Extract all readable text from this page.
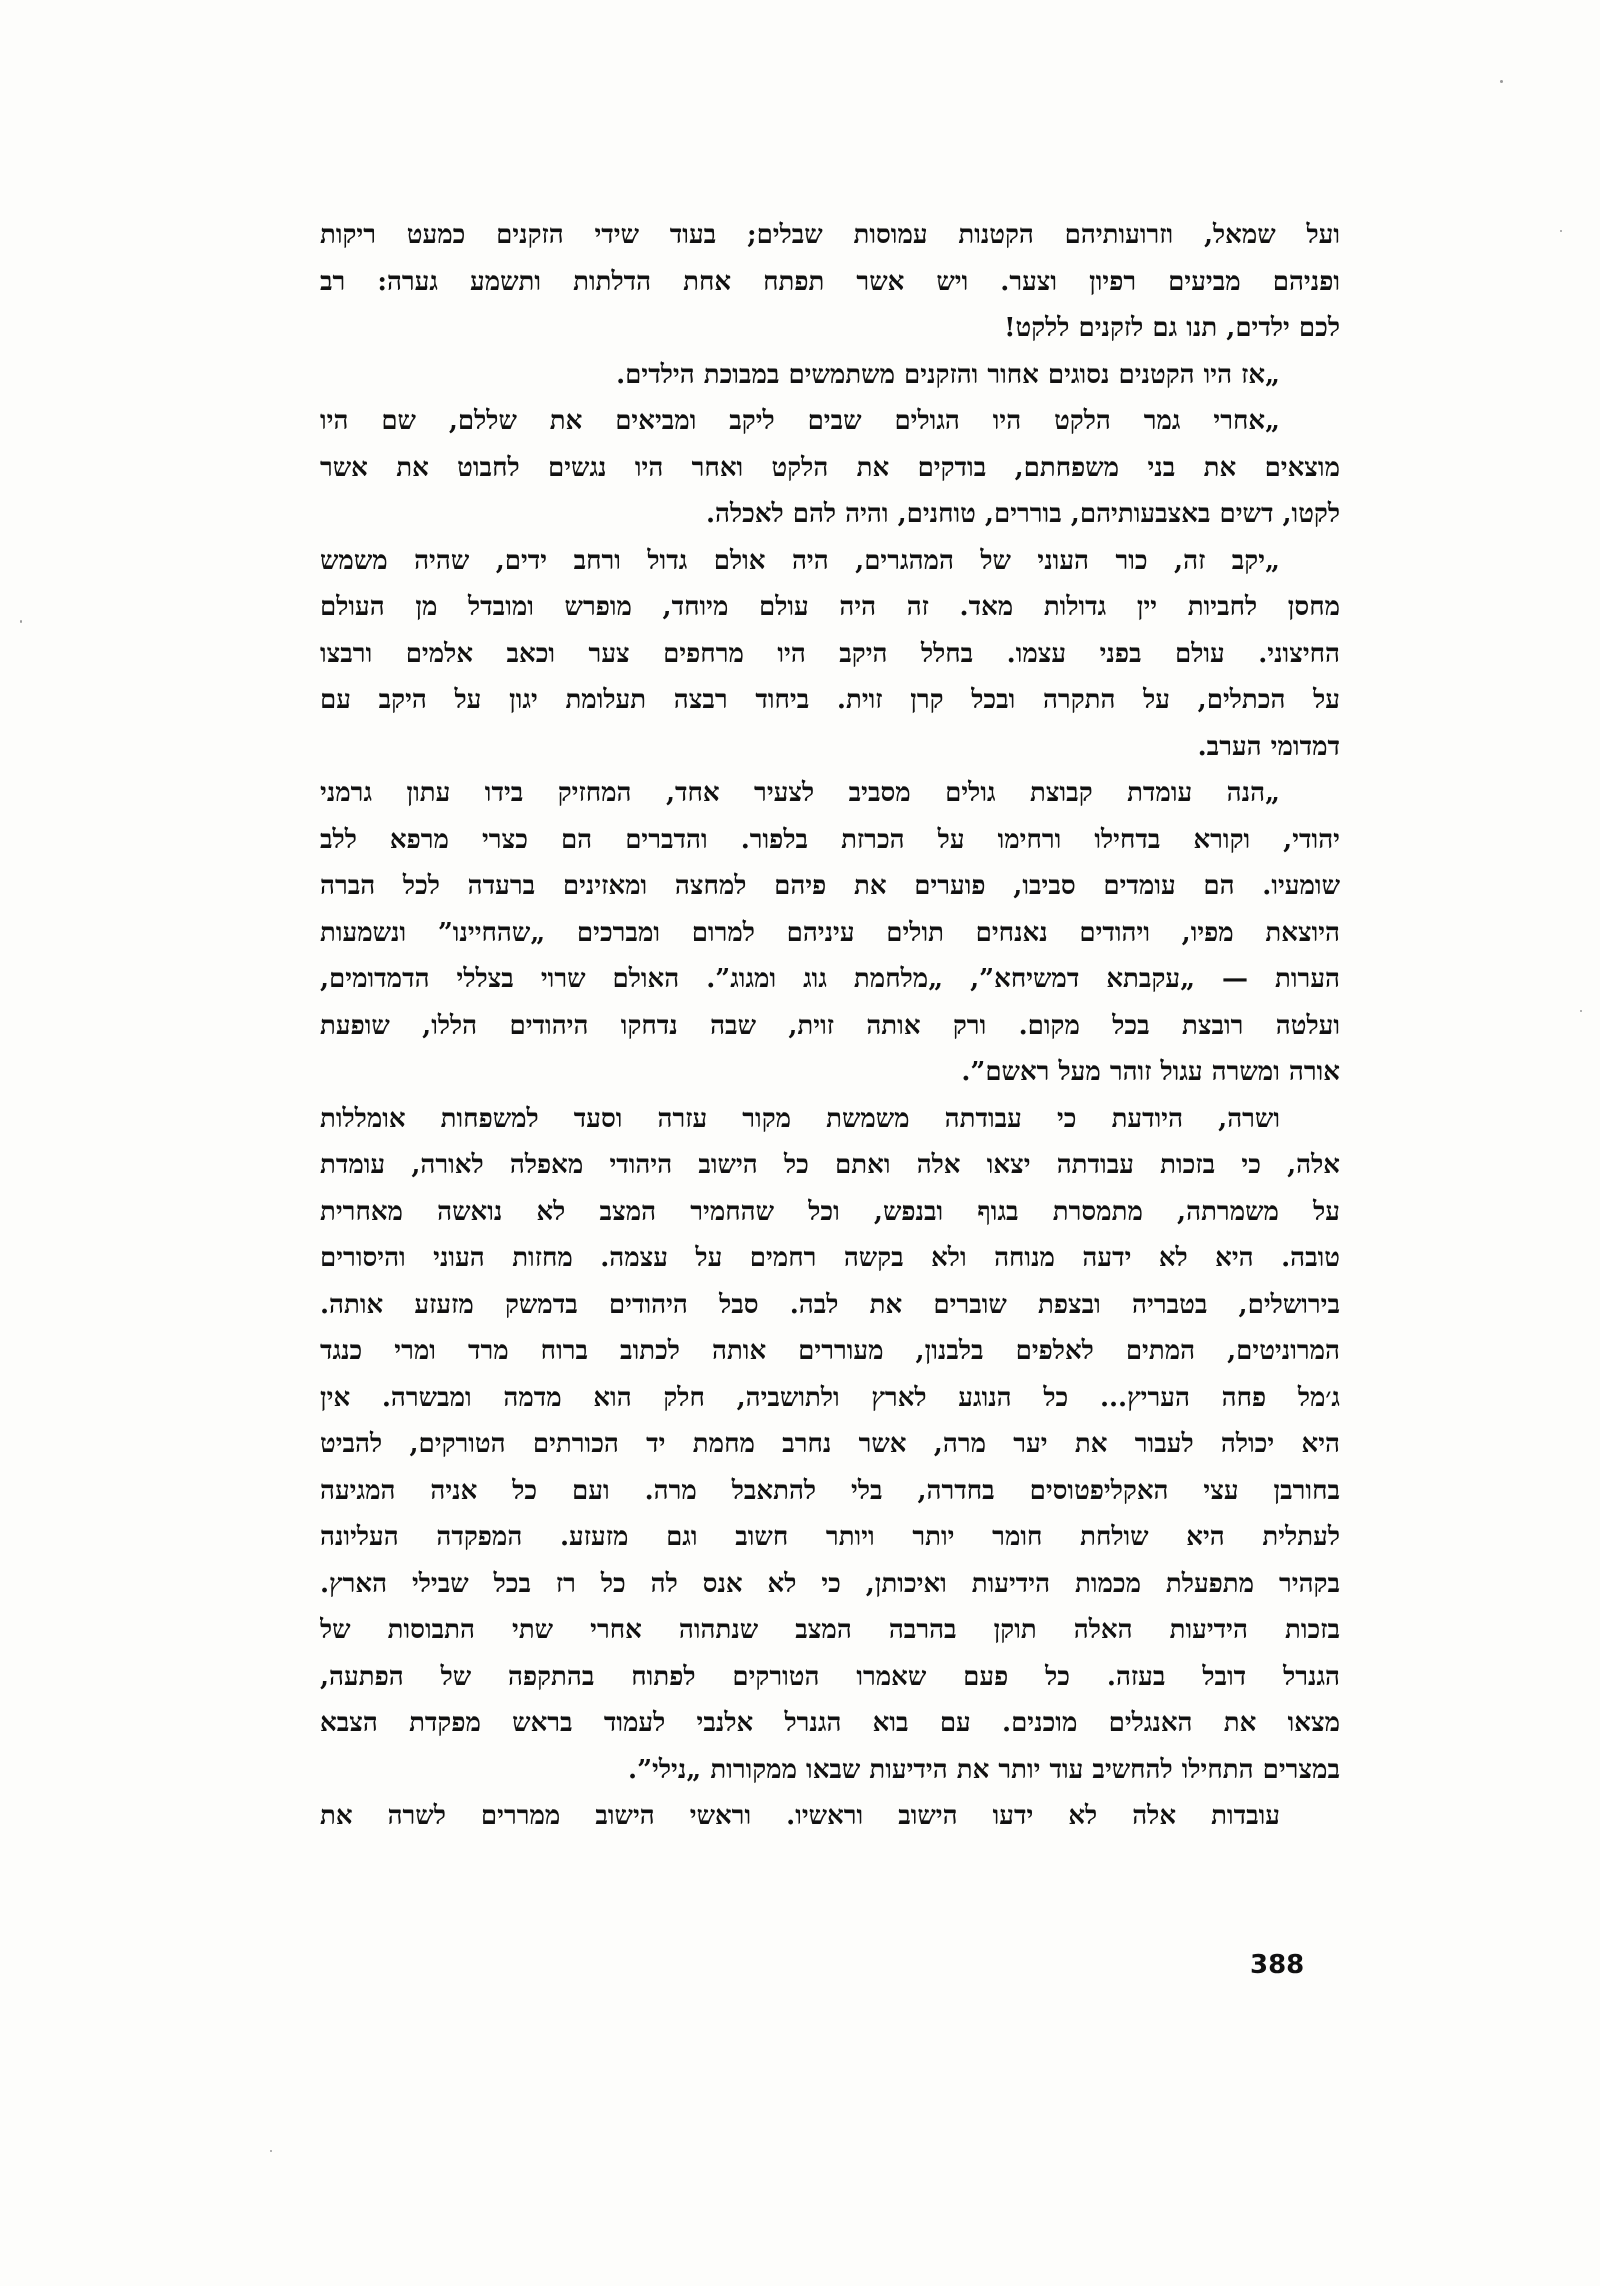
ועל שמאל, וזרועותיהם הקטנות עמוסות שבלים; בעוד שידי הזקנים כמעט ריקות
ופניהם מביעים רפיון וצער. ויש אשר תפתח אחת הדלתות ותשמע גערה: רב
לכם ילדים, תנו גם לזקנים ללקט!
„אז היו הקטנים נסוגים אחור והזקנים משתמשים במבוכת הילדים.
„אחרי גמר הלקט היו הגולים שבים ליקב ומביאים את שללם, שם היו
מוצאים את בני משפחתם, בודקים את הלקט ואחר היו נגשים לחבוט את אשר
לקטו, דשים באצבעותיהם, בוררים, טוחנים, והיה להם לאכלה.
„יקב זה, כור העוני של המהגרים, היה אולם גדול ורחב ידים, שהיה משמש
מחסן לחביות יין גדולות מאד. זה היה עולם מיוחד, מופרש ומובדל מן העולם
החיצוני. עולם בפני עצמו. בחלל היקב היו מרחפים צער וכאב אלמים ורבצו
על הכתלים, על התקרה ובכל קרן זוית. ביחוד רבצה תעלומת יגון על היקב עם
דמדומי הערב.
„הנה עומדת קבוצת גולים מסביב לצעיר אחד, המחזיק בידו עתון גרמני
יהודי, וקורא בדחילו ורחימו על הכרזת בלפור. והדברים הם כצרי מרפא ללב
שומעיו. הם עומדים סביבו, פוערים את פיהם למחצה ומאזינים ברעדה לכל הברה
היוצאת מפיו, ויהודים נאנחים תולים עיניהם למרום ומברכים „שהחיינו” ונשמעות
הערות — „עקבתא דמשיחא”, „מלחמת גוג ומגוג”. האולם שרוי בצללי הדמדומים,
ועלטה רובצת בכל מקום. ורק אותה זוית, שבה נדחקו היהודים הללו, שופעת
אורה ומשרה עגול זוהר מעל ראשם”.
ושרה, היודעת כי עבודתה משמשת מקור עזרה וסעד למשפחות אומללות
אלה, כי בזכות עבודתה יצאו אלה ואתם כל הישוב היהודי מאפלה לאורה, עומדת
על משמרתה, מתמסרת בגוף ובנפש, וכל שהחמיר המצב לא נואשה מאחרית
טובה. היא לא ידעה מנוחה ולא בקשה רחמים על עצמה. מחזות העוני והיסורים
בירושלים, בטבריה ובצפת שוברים את לבה. סבל היהודים בדמשק מזעזע אותה.
המרוניטים, המתים לאלפים בלבנון, מעוררים אותה לכתוב ברוח מרד ומרי כנגד
ג׳מל פחה העריץ... כל הנוגע לארץ ולתושביה, חלק הוא מדמה ומבשרה. אין
היא יכולה לעבור את יער מרה, אשר נחרב מחמת יד הכורתים הטורקים, להביט
בחורבן עצי האקליפטוסים בחדרה, בלי להתאבל מרה. ועם כל אניה המגיעה
לעתלית היא שולחת חומר יותר ויותר חשוב וגם מזעזע. המפקדה העליונה
בקהיר מתפעלת מכמות הידיעות ואיכותן, כי לא אנס לה כל רז בכל שבילי הארץ.
בזכות הידיעות האלה תוקן בהרבה המצב שנתהוה אחרי שתי התבוסות של
הגנרל דובל בעזה. כל פעם שאמרו הטורקים לפתוח בהתקפה של הפתעה,
מצאו את האנגלים מוכנים. עם בוא הגנרל אלנבי לעמוד בראש מפקדת הצבא
במצרים התחילו להחשיב עוד יותר את הידיעות שבאו ממקורות „נילי”.
עובדות אלה לא ידעו הישוב וראשיו. וראשי הישוב ממררים לשרה את
388
